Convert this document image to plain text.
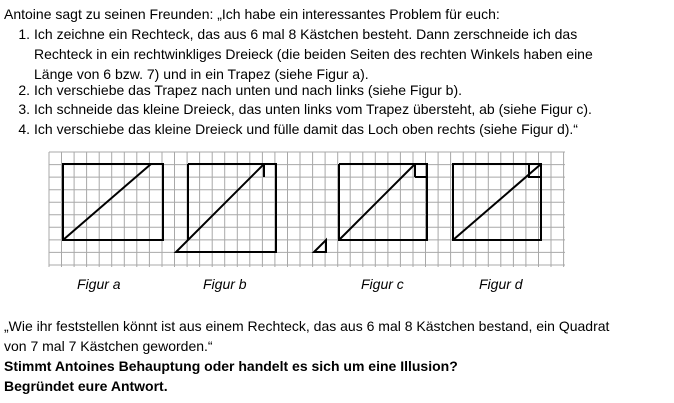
Antoine sagt zu seinen Freunden: „Ich habe ein interessantes Problem für euch:
1. Ich zeichne ein Rechteck, das aus 6 mal 8 Kästchen besteht. Dann zerschneide ich das
Rechteck in ein rechtwinkliges Dreieck (die beiden Seiten des rechten Winkels haben eine
Länge von 6 bzw. 7) und in ein Trapez (siehe Figur a).
2. Ich verschiebe das Trapez nach unten und nach links (siehe Figur b).
3. Ich schneide das kleine Dreieck, das unten links vom Trapez übersteht, ab (siehe Figur c).
4. Ich verschiebe das kleine Dreieck und fülle damit das Loch oben rechts (siehe Figur d).“
Figur a	Figur b	Figur c	Figur d
„Wie ihr feststellen könnt ist aus einem Rechteck, das aus 6 mal 8 Kästchen bestand, ein Quadrat
von 7 mal 7 Kästchen geworden.“
Stimmt Antoines Behauptung oder handelt es sich um eine Illusion?
Begründet eure Antwort.
